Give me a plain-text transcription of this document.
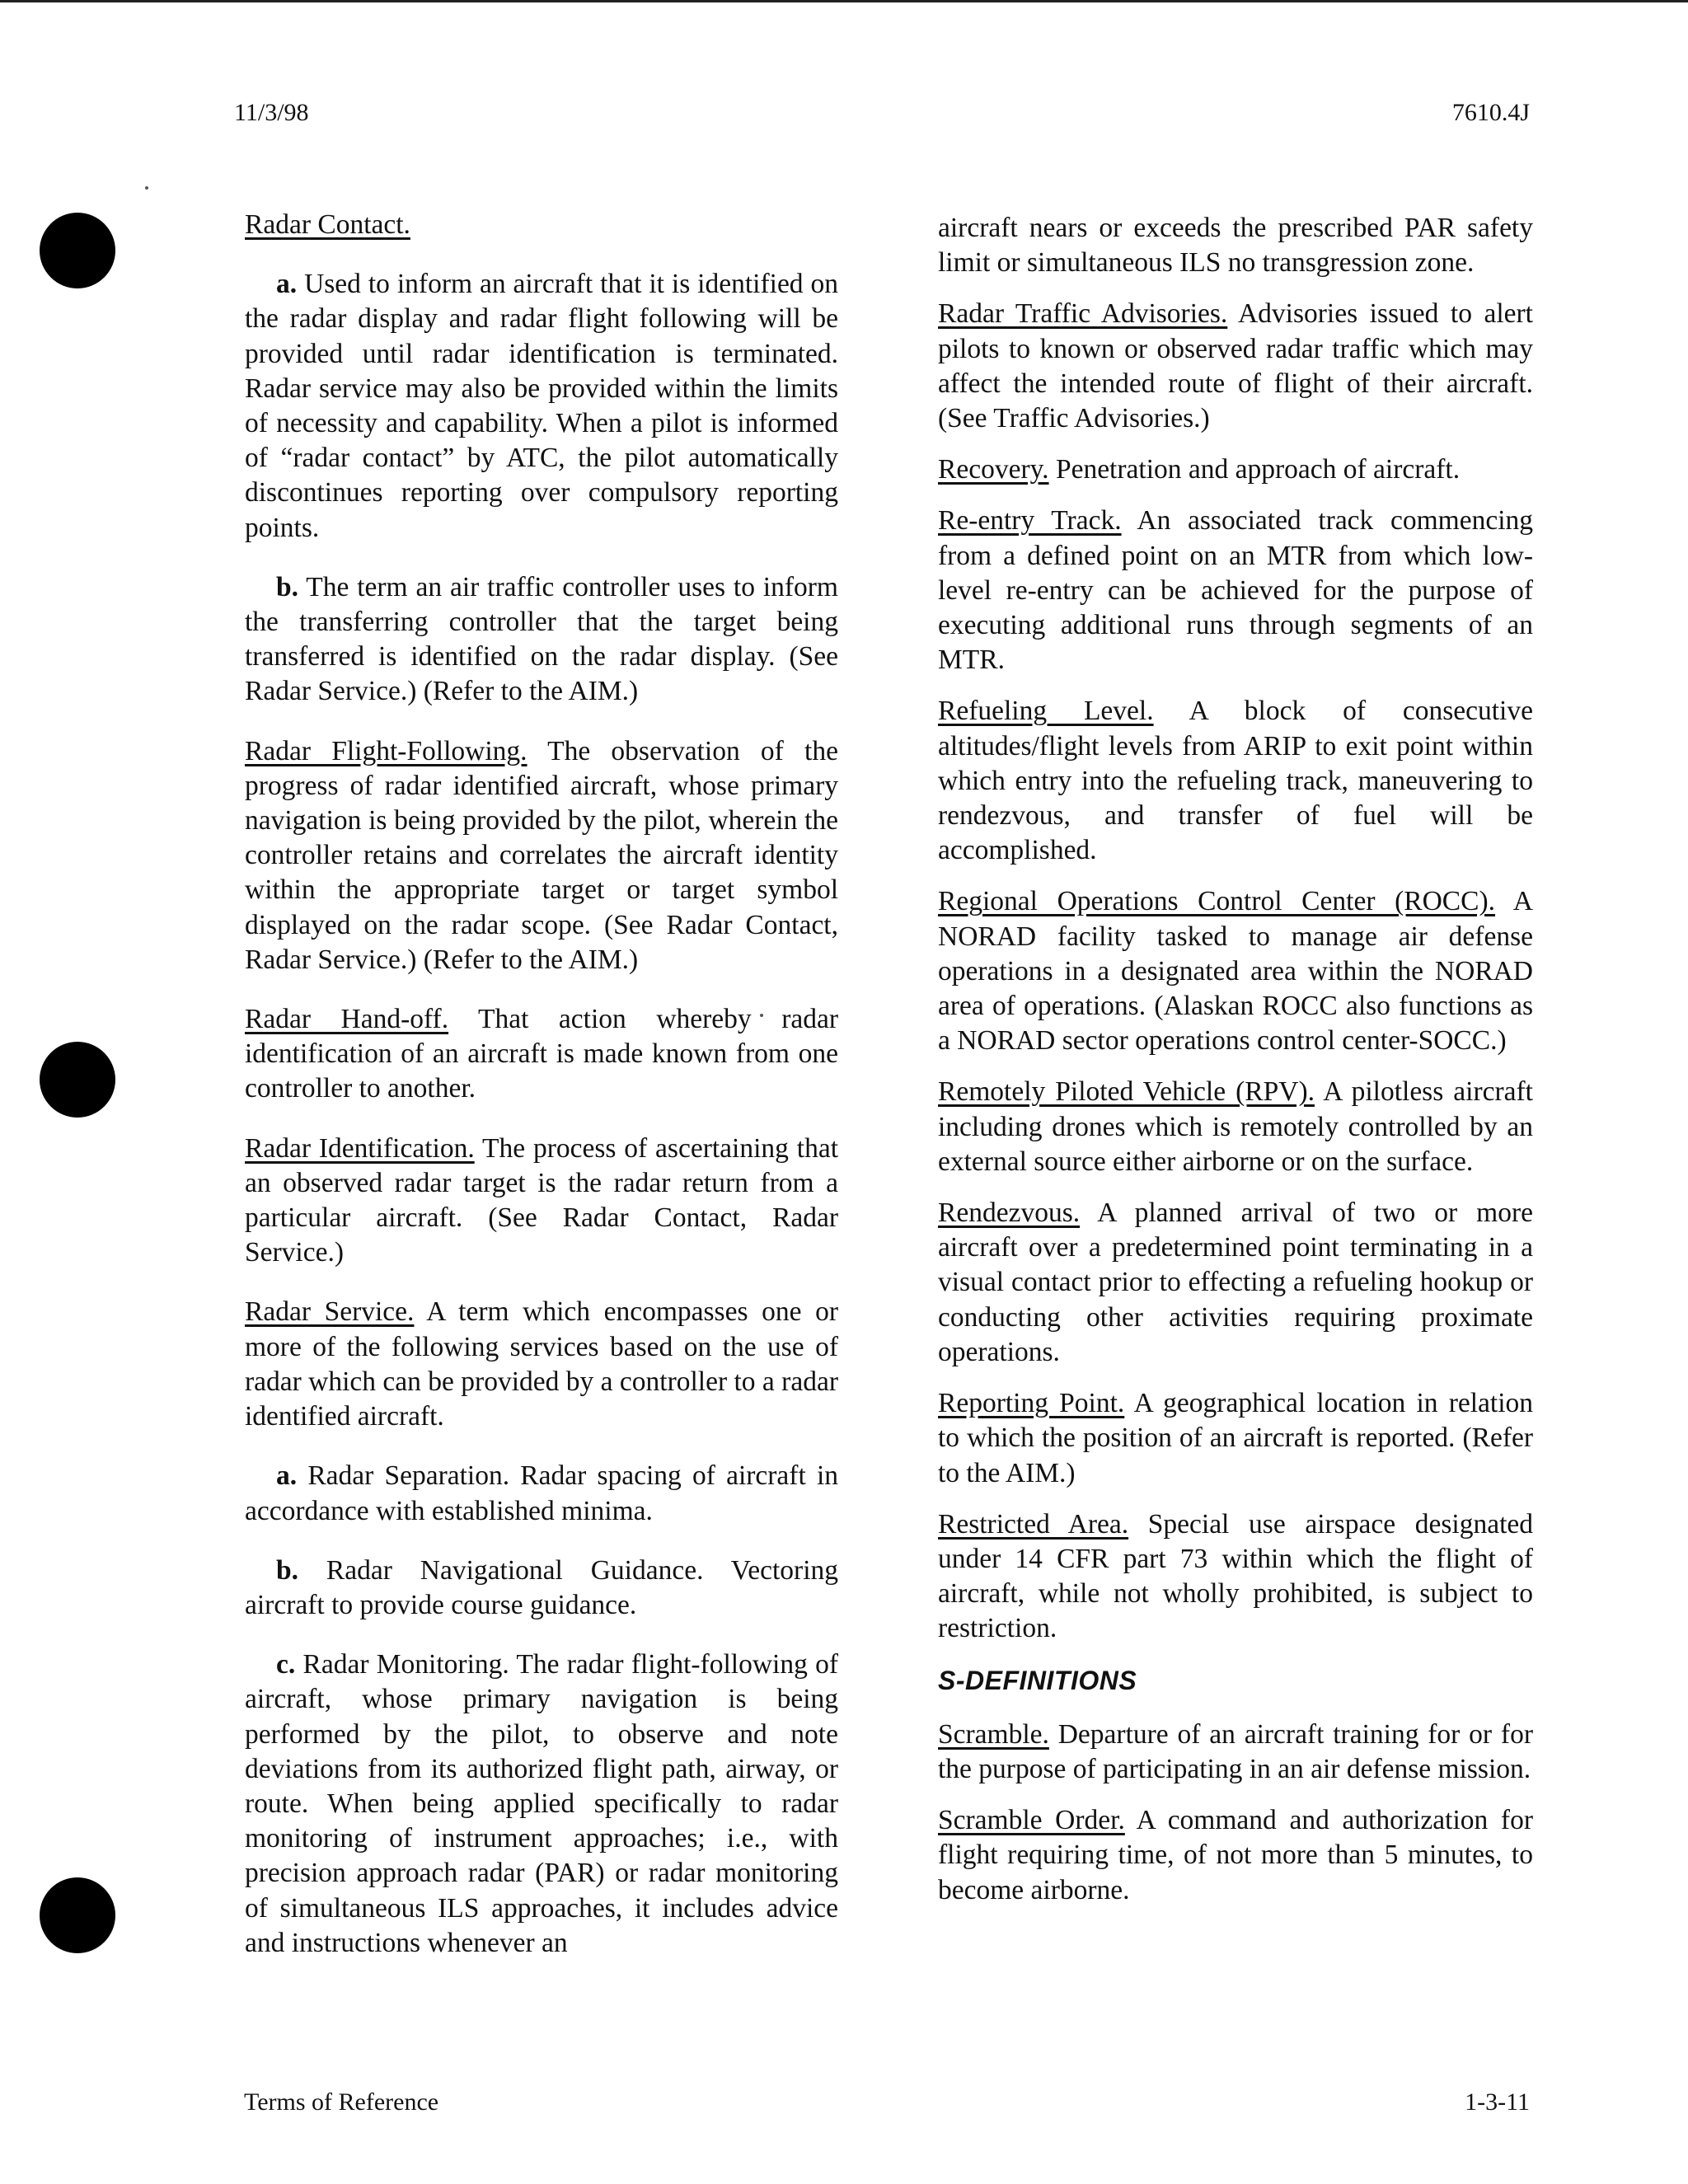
11/3/98	7610.4J

Radar Contact.

a. Used to inform an aircraft that it is identified on the radar display and radar flight following will be provided until radar identification is terminated. Radar service may also be provided within the limits of necessity and capability. When a pilot is informed of “radar contact” by ATC, the pilot automatically discontinues reporting over compulsory reporting points.

b. The term an air traffic controller uses to inform the transferring controller that the target being transferred is identified on the radar display. (See Radar Service.) (Refer to the AIM.)

Radar Flight-Following. The observation of the progress of radar identified aircraft, whose primary navigation is being provided by the pilot, wherein the controller retains and correlates the aircraft identity within the appropriate target or target symbol displayed on the radar scope. (See Radar Contact, Radar Service.) (Refer to the AIM.)

Radar Hand-off. That action whereby radar identification of an aircraft is made known from one controller to another.

Radar Identification. The process of ascertaining that an observed radar target is the radar return from a particular aircraft. (See Radar Contact, Radar Service.)

Radar Service. A term which encompasses one or more of the following services based on the use of radar which can be provided by a controller to a radar identified aircraft.

a. Radar Separation. Radar spacing of aircraft in accordance with established minima.

b. Radar Navigational Guidance. Vectoring aircraft to provide course guidance.

c. Radar Monitoring. The radar flight-following of aircraft, whose primary navigation is being performed by the pilot, to observe and note deviations from its authorized flight path, airway, or route. When being applied specifically to radar monitoring of instrument approaches; i.e., with precision approach radar (PAR) or radar monitoring of simultaneous ILS approaches, it includes advice and instructions whenever an

aircraft nears or exceeds the prescribed PAR safety limit or simultaneous ILS no transgression zone.

Radar Traffic Advisories. Advisories issued to alert pilots to known or observed radar traffic which may affect the intended route of flight of their aircraft. (See Traffic Advisories.)

Recovery. Penetration and approach of aircraft.

Re-entry Track. An associated track commencing from a defined point on an MTR from which low-level re-entry can be achieved for the purpose of executing additional runs through segments of an MTR.

Refueling Level. A block of consecutive altitudes/flight levels from ARIP to exit point within which entry into the refueling track, maneuvering to rendezvous, and transfer of fuel will be accomplished.

Regional Operations Control Center (ROCC). A NORAD facility tasked to manage air defense operations in a designated area within the NORAD area of operations. (Alaskan ROCC also functions as a NORAD sector operations control center-SOCC.)

Remotely Piloted Vehicle (RPV). A pilotless aircraft including drones which is remotely controlled by an external source either airborne or on the surface.

Rendezvous. A planned arrival of two or more aircraft over a predetermined point terminating in a visual contact prior to effecting a refueling hookup or conducting other activities requiring proximate operations.

Reporting Point. A geographical location in relation to which the position of an aircraft is reported. (Refer to the AIM.)

Restricted Area. Special use airspace designated under 14 CFR part 73 within which the flight of aircraft, while not wholly prohibited, is subject to restriction.

S-DEFINITIONS

Scramble. Departure of an aircraft training for or for the purpose of participating in an air defense mission.

Scramble Order. A command and authorization for flight requiring time, of not more than 5 minutes, to become airborne.

Terms of Reference	1-3-11
